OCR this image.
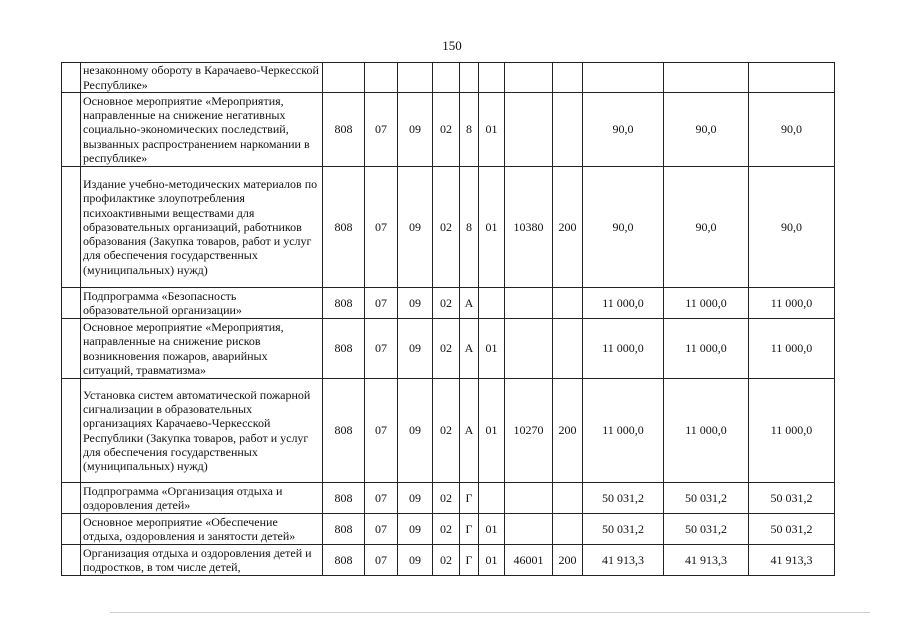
150
	незаконному обороту в Карачаево-Черкесской Республике»											
	Основное мероприятие «Мероприятия, направленные на снижение негативных социально-экономических последствий, вызванных распространением наркомании в республике»	808	07	09	02	8	01			90,0	90,0	90,0
	Издание учебно-методических материалов по профилактике злоупотребления психоактивными веществами для образовательных организаций, работников образования (Закупка товаров, работ и услуг для обеспечения государственных (муниципальных) нужд)	808	07	09	02	8	01	10380	200	90,0	90,0	90,0
	Подпрограмма «Безопасность образовательной организации»	808	07	09	02	А				11 000,0	11 000,0	11 000,0
	Основное мероприятие «Мероприятия, направленные на снижение рисков возникновения пожаров, аварийных ситуаций, травматизма»	808	07	09	02	А	01			11 000,0	11 000,0	11 000,0
	Установка систем автоматической пожарной сигнализации в образовательных организациях Карачаево-Черкесской Республики (Закупка товаров, работ и услуг для обеспечения государственных (муниципальных) нужд)	808	07	09	02	А	01	10270	200	11 000,0	11 000,0	11 000,0
	Подпрограмма «Организация отдыха и оздоровления детей»	808	07	09	02	Г				50 031,2	50 031,2	50 031,2
	Основное мероприятие «Обеспечение отдыха, оздоровления и занятости детей»	808	07	09	02	Г	01			50 031,2	50 031,2	50 031,2
	Организация отдыха и оздоровления детей и подростков, в том числе детей,	808	07	09	02	Г	01	46001	200	41 913,3	41 913,3	41 913,3
